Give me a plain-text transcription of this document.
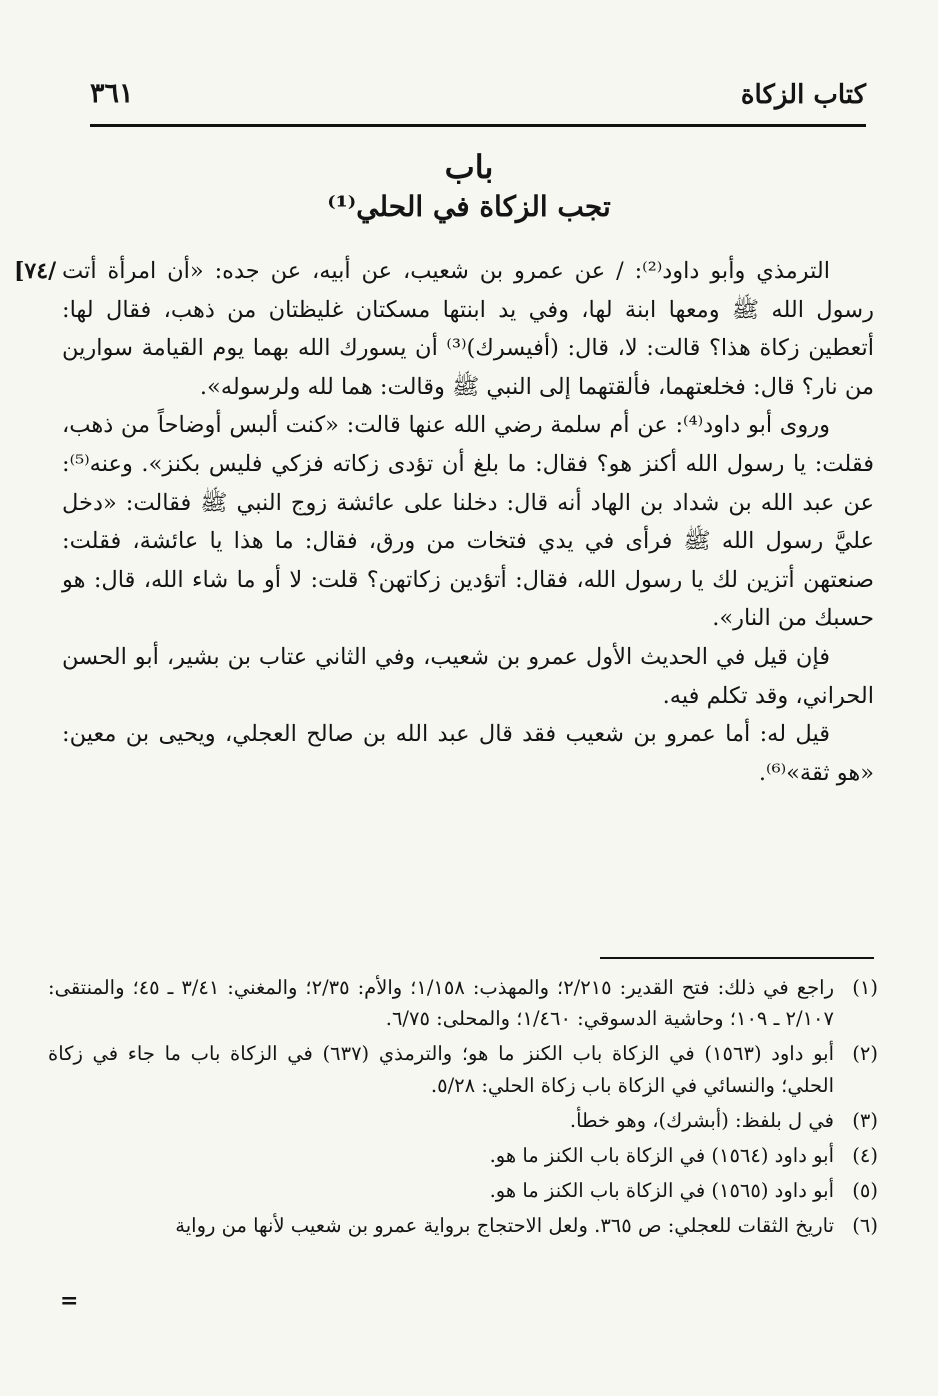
كتاب الزكاة
٣٦١
باب
تجب الزكاة في الحلي⁽¹⁾
[٧٤/ الترمذي وأبو داود⁽²⁾: / عن عمرو بن شعيب، عن أبيه، عن جده: «أن امرأة أتت رسول الله ﷺ ومعها ابنة لها، وفي يد ابنتها مسكتان غليظتان من ذهب، فقال لها: أتعطين زكاة هذا؟ قالت: لا، قال: (أفيسرك)⁽³⁾ أن يسورك الله بهما يوم القيامة سوارين من نار؟ قال: فخلعتهما، فألقتهما إلى النبي ﷺ وقالت: هما لله ولرسوله».

وروى أبو داود⁽⁴⁾: عن أم سلمة رضي الله عنها قالت: «كنت ألبس أوضاحاً من ذهب، فقلت: يا رسول الله أكنز هو؟ فقال: ما بلغ أن تؤدى زكاته فزكي فليس بكنز». وعنه⁽⁵⁾: عن عبد الله بن شداد بن الهاد أنه قال: دخلنا على عائشة زوج النبي ﷺ فقالت: «دخل عليَّ رسول الله ﷺ فرأى في يدي فتخات من ورق، فقال: ما هذا يا عائشة، فقلت: صنعتهن أتزين لك يا رسول الله، فقال: أتؤدين زكاتهن؟ قلت: لا أو ما شاء الله، قال: هو حسبك من النار».

فإن قيل في الحديث الأول عمرو بن شعيب، وفي الثاني عتاب بن بشير، أبو الحسن الحراني، وقد تكلم فيه.

قيل له: أما عمرو بن شعيب فقد قال عبد الله بن صالح العجلي، ويحيى بن معين: «هو ثقة»⁽⁶⁾.

(١)
راجع في ذلك: فتح القدير: ٢/٢١٥؛ والمهذب: ١/١٥٨؛ والأم: ٢/٣٥؛ والمغني: ٣/٤١ ـ ٤٥؛ والمنتقى: ٢/١٠٧ ـ ١٠٩؛ وحاشية الدسوقي: ١/٤٦٠؛ والمحلى: ٦/٧٥.
(٢)
أبو داود (١٥٦٣) في الزكاة باب الكنز ما هو؛ والترمذي (٦٣٧) في الزكاة باب ما جاء في زكاة الحلي؛ والنسائي في الزكاة باب زكاة الحلي: ٥/٢٨.
(٣)
في ل بلفظ: (أبشرك)، وهو خطأ.
(٤)
أبو داود (١٥٦٤) في الزكاة باب الكنز ما هو.
(٥)
أبو داود (١٥٦٥) في الزكاة باب الكنز ما هو.
(٦)
تاريخ الثقات للعجلي: ص ٣٦٥. ولعل الاحتجاج برواية عمرو بن شعيب لأنها من رواية
=
